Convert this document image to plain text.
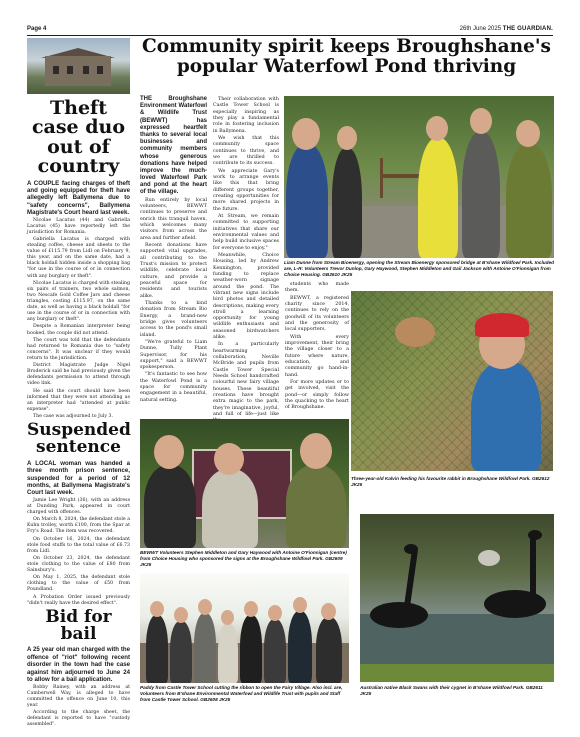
Page 4	26th June 2025 THE GUARDIAN.
Theft case duo out of country

A COUPLE facing charges of theft and going equipped for theft have allegedly left Ballymena due to "safety concerns", Ballymena Magistrate's Court heard last week.

Nicolae Lacatus (44) and Gabriella Lacatus (45) have reportedly left the jurisdiction for Romania.

Gabriella Lacatus is charged with stealing coffee, cheese and sheets to the value of £115.79 from Lidl on February 9, this year, and on the same date, had a black holdall hidden inside a shopping bag "for use in the course of or in connection with any burglary or theft".

Nicolae Lacatus is charged with stealing six pairs of trainers, two whole salmon, two Nescafe Gold Coffee Jars and cheese triangles, costing £115.97, on the same date, as well as having a black holdall "for use in the course of or in connection with any burglary or theft".

Despite a Romanian interpreter being booked, the couple did not attend.

The court was told that the defendants had returned to Romania due to "safety concerns". It was unclear if they would return to the jurisdiction.

District Magistrate Judge Nigel Broderick said he had previously given the defendants permission to attend through video link.

He said the court should have been informed that they were not attending as an interpreter had "attended at public expense".

The case was adjourned to July 3.

Suspended sentence

A LOCAL woman was handed a three month prison sentence, suspended for a period of 12 months, at Ballymena Magistrate's Court last week.

Jamie Lee Wright (36), with an address at Dunding Park, appeared in court charged with offences.

On March 8, 2024, the defendant stole a Kuhn trolley, worth £100, from the Spar at Fry's Road. The item was recovered.

On October 16, 2024, the defendant stole food stuffs to the total value of £6.73 from Lidl.

On October 23, 2024, the defendant stole clothing to the value of £80 from Sainsbury's.

On May 1, 2025, the defendant stole clothing to the value of £50 from Poundland.

A Probation Order issued previously "didn't really have the desired effect".

Bid for bail

A 25 year old man charged with the offence of "riot" following recent disorder in the town had the case against him adjourned to June 24 to allow for a bail application.

Bobby Rainey, with an address at Camberwell Way, is alleged to have committed the offence on June 10, this year.

According to the charge sheet, the defendant is reported to have "custody assembled".

Community spirit keeps Broughshane's popular Waterfowl Pond thriving

THE Broughshane Environment Waterfowl & Wildlife Trust (BEWWT) has expressed heartfelt thanks to several local businesses and community members whose generous donations have helped improve the much-loved Waterfowl Park and pond at the heart of the village.

Run entirely by local volunteers, BEWWT continues to preserve and enrich this tranquil haven, which welcomes many visitors from across the area and further afield.

Recent donations have supported vital upgrades, all contributing to the Trust's mission to protect wildlife, celebrate local culture, and provide a peaceful space for residents and tourists alike.

Thanks to a kind donation from Stream Bio Energy, a brand-new bridge gives volunteers access to the pond's small island.

"We're grateful to Liam Dunne, Tully Plant Supervisor, for his support," said a BEWWT spokesperson.

"It's fantastic to see how the Waterfowl Pond is a space for community engagement in a beautiful, natural setting.

Their collaboration with Castle Tower School is especially inspiring as they play a fundamental role in fostering inclusion in Ballymena.

We wish that this community space continues to thrive, and we are thrilled to contribute to its success.

We appreciate Gary's work to arrange events like this that bring different groups together, creating opportunities for more shared projects in the future.

At Stream, we remain committed to supporting initiatives that share our environmental values and help build inclusive spaces for everyone to enjoy."

Meanwhile, Choice Housing, led by Andrew Kennington, provided funding to replace weather-worn signage around the pond. The vibrant new signs include bird photos and detailed descriptions, making every stroll a learning opportunity for young wildlife enthusiasts and seasoned birdwatchers alike.

In a particularly heartwarming collaboration, Neville McBride and pupils from Castle Tower Special Needs School handcrafted colourful new fairy village houses. These beautiful creations have brought extra magic to the park, they're imaginative, joyful, and full of life—just like

students who made them.

BEWWT, a registered charity since 2014, continues to rely on the goodwill of its volunteers and the generosity of local supporters.

With every improvement, their bring the village closer to a future where nature, education, and community go hand-in-hand.

For more updates or to get involved, visit the pond—or simply follow the quacking to the heart of Broughshane.

Liam Dunne from Stream Bioenergy, opening the Stream Bioenergy sponsored bridge at B'shane Wildfowl Park. Included are, L-R: Volunteers Trevor Dunlop, Gary Haywood, Stephen Middleton and Gail Jackson with Antoine O'Fionnigan from Choice Housing. GB2610 JK25

Three-year-old Kalvin feeding his favourite rabbit in Broughshane Wildfowl Park. GB2612 JK25

BEWWT Volunteers Stephen Middleton and Gary Haywood with Antoine O'Fionnigan (centre) from Choice Housing who sponsored the signs at the Broughshane Wildfowl Park. GB2609 JK25

Paddy from Castle Tower School cutting the ribbon to open the Fairy Village. Also incl. are, Volunteers from B'shane Environmental Waterfowl and Wildlife Trust with pupils and Staff from Castle Tower School. GB2608 JK25

Australian native Black Swans with their cygnet in B'shane Wildfowl Park. GB2611 JK25
